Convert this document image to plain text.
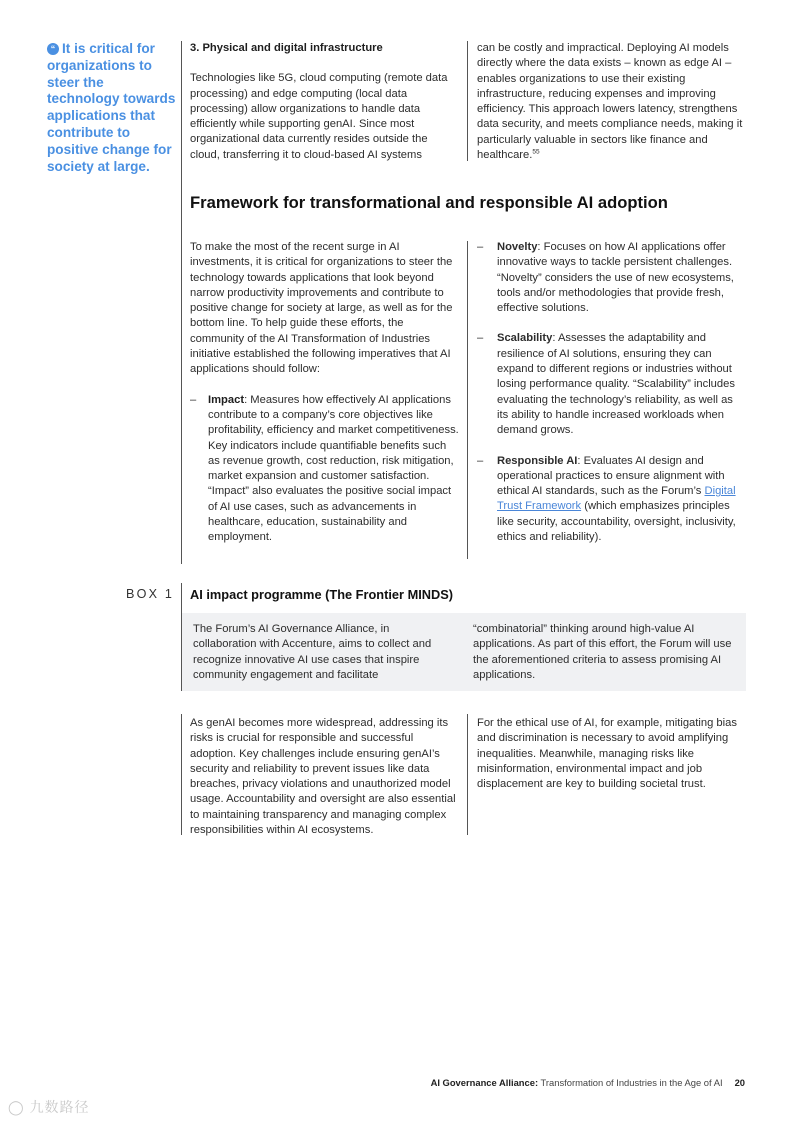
“ It is critical for organizations to steer the technology towards applications that contribute to positive change for society at large.
3. Physical and digital infrastructure
Technologies like 5G, cloud computing (remote data processing) and edge computing (local data processing) allow organizations to handle data efficiently while supporting genAI. Since most organizational data currently resides outside the cloud, transferring it to cloud-based AI systems
can be costly and impractical. Deploying AI models directly where the data exists – known as edge AI – enables organizations to use their existing infrastructure, reducing expenses and improving efficiency. This approach lowers latency, strengthens data security, and meets compliance needs, making it particularly valuable in sectors like finance and healthcare.$^{55}$
Framework for transformational and responsible AI adoption
To make the most of the recent surge in AI investments, it is critical for organizations to steer the technology towards applications that look beyond narrow productivity improvements and contribute to positive change for society at large, as well as for the bottom line. To help guide these efforts, the community of the AI Transformation of Industries initiative established the following imperatives that AI applications should follow:
– Impact: Measures how effectively AI applications contribute to a company’s core objectives like profitability, efficiency and market competitiveness. Key indicators include quantifiable benefits such as revenue growth, cost reduction, risk mitigation, market expansion and customer satisfaction. “Impact” also evaluates the positive social impact of AI use cases, such as advancements in healthcare, education, sustainability and employment.
– Novelty: Focuses on how AI applications offer innovative ways to tackle persistent challenges. “Novelty” considers the use of new ecosystems, tools and/or methodologies that provide fresh, effective solutions.
– Scalability: Assesses the adaptability and resilience of AI solutions, ensuring they can expand to different regions or industries without losing performance quality. “Scalability” includes evaluating the technology’s reliability, as well as its ability to handle increased workloads when demand grows.
– Responsible AI: Evaluates AI design and operational practices to ensure alignment with ethical AI standards, such as the Forum’s Digital Trust Framework (which emphasizes principles like security, accountability, oversight, inclusivity, ethics and reliability).
BOX 1 AI impact programme (The Frontier MINDS)
The Forum’s AI Governance Alliance, in collaboration with Accenture, aims to collect and recognize innovative AI use cases that inspire community engagement and facilitate
“combinatorial” thinking around high-value AI applications. As part of this effort, the Forum will use the aforementioned criteria to assess promising AI applications.
As genAI becomes more widespread, addressing its risks is crucial for responsible and successful adoption. Key challenges include ensuring genAI’s security and reliability to prevent issues like data breaches, privacy violations and unauthorized model usage. Accountability and oversight are also essential to maintaining transparency and managing complex responsibilities within AI ecosystems.
For the ethical use of AI, for example, mitigating bias and discrimination is necessary to avoid amplifying inequalities. Meanwhile, managing risks like misinformation, environmental impact and job displacement are key to building societal trust.
AI Governance Alliance: Transformation of Industries in the Age of AI 20
◯ 九数路径
